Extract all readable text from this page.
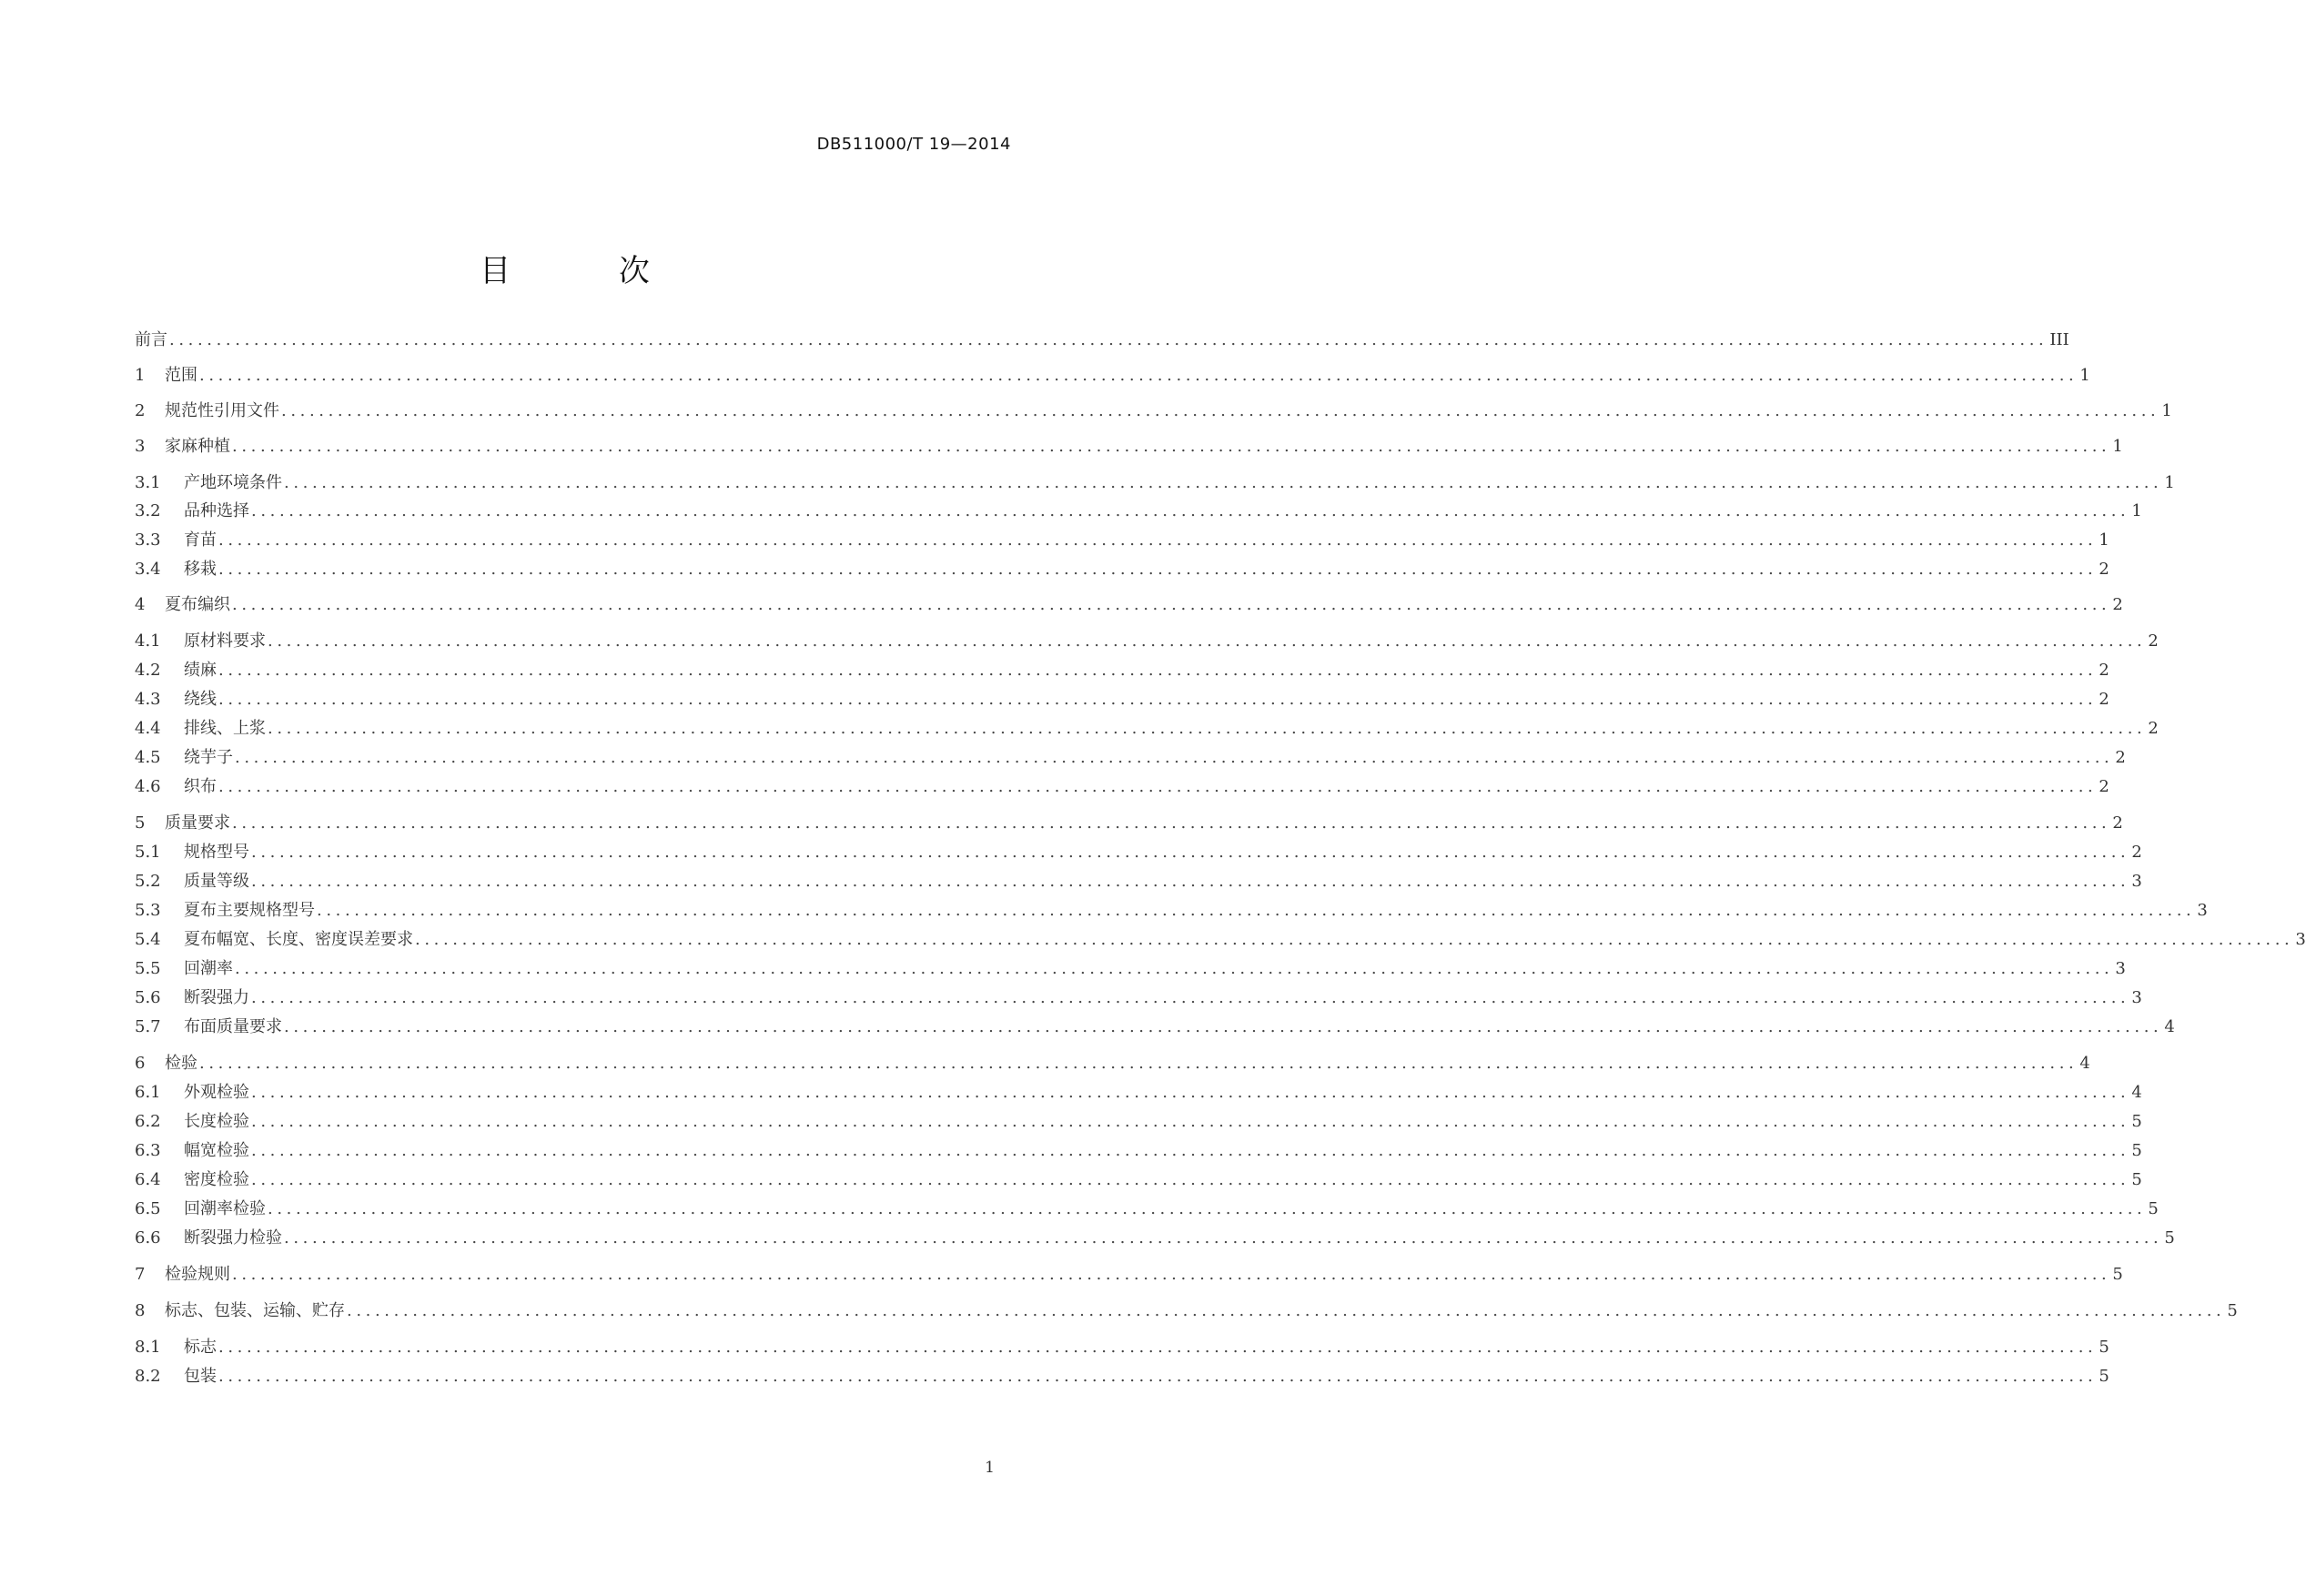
DB511000/T 19—2014
目 次
前言 ........................................................................................................................................................................................................ III
1	范围 ........................................................................................................................................................................................................ 1
2	规范性引用文件 ........................................................................................................................................................................................................ 1
3	家麻种植 ........................................................................................................................................................................................................ 1
3.1	产地环境条件 ........................................................................................................................................................................................................ 1
3.2	品种选择 ........................................................................................................................................................................................................ 1
3.3	育苗 ........................................................................................................................................................................................................ 1
3.4	移栽 ........................................................................................................................................................................................................ 2
4	夏布编织 ........................................................................................................................................................................................................ 2
4.1	原材料要求 ........................................................................................................................................................................................................ 2
4.2	绩麻 ........................................................................................................................................................................................................ 2
4.3	绕线 ........................................................................................................................................................................................................ 2
4.4	排线、上浆 ........................................................................................................................................................................................................ 2
4.5	绕芋子 ........................................................................................................................................................................................................ 2
4.6	织布 ........................................................................................................................................................................................................ 2
5	质量要求 ........................................................................................................................................................................................................ 2
5.1	规格型号 ........................................................................................................................................................................................................ 2
5.2	质量等级 ........................................................................................................................................................................................................ 3
5.3	夏布主要规格型号 ........................................................................................................................................................................................................ 3
5.4	夏布幅宽、长度、密度误差要求 ........................................................................................................................................................................................................ 3
5.5	回潮率 ........................................................................................................................................................................................................ 3
5.6	断裂强力 ........................................................................................................................................................................................................ 3
5.7	布面质量要求 ........................................................................................................................................................................................................ 4
6	检验 ........................................................................................................................................................................................................ 4
6.1	外观检验 ........................................................................................................................................................................................................ 4
6.2	长度检验 ........................................................................................................................................................................................................ 5
6.3	幅宽检验 ........................................................................................................................................................................................................ 5
6.4	密度检验 ........................................................................................................................................................................................................ 5
6.5	回潮率检验 ........................................................................................................................................................................................................ 5
6.6	断裂强力检验 ........................................................................................................................................................................................................ 5
7	检验规则 ........................................................................................................................................................................................................ 5
8	标志、包装、运输、贮存 ........................................................................................................................................................................................................ 5
8.1	标志 ........................................................................................................................................................................................................ 5
8.2	包装 ........................................................................................................................................................................................................ 5
1
